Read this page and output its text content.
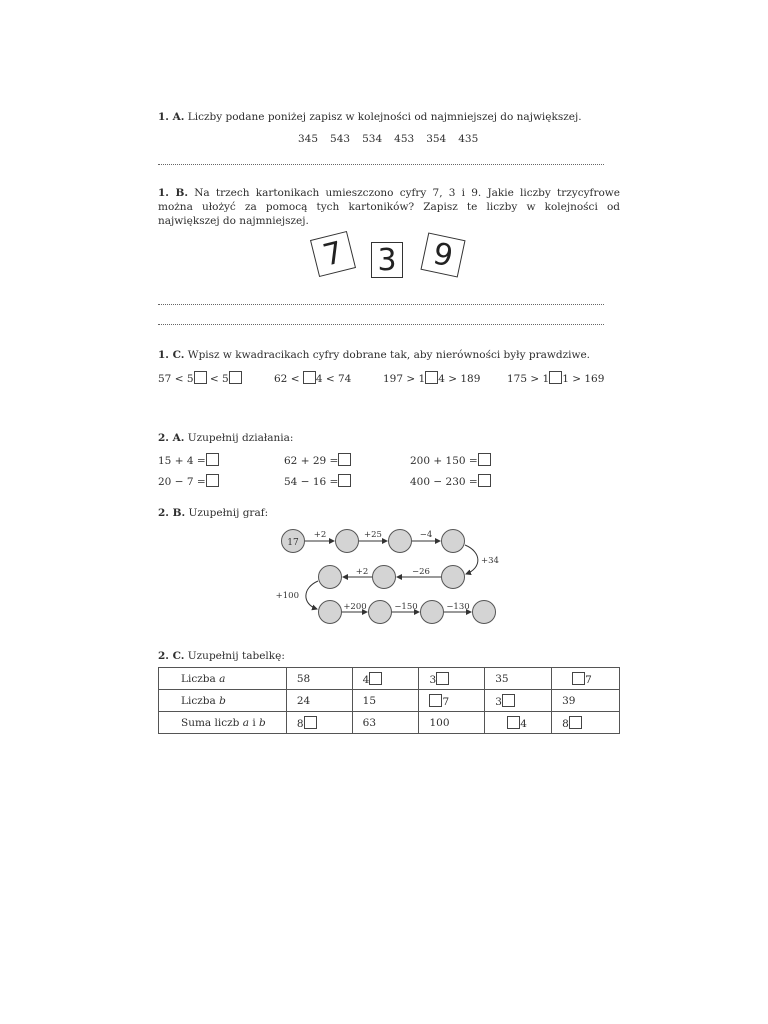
1. A. Liczby podane poniżej zapisz w kolejności od najmniejszej do największej.
345 543 534 453 354 435
1. B. Na trzech kartonikach umieszczono cyfry 7, 3 i 9. Jakie liczby trzycyfrowe można ułożyć za pomocą tych kartoników? Zapisz te liczby w kolejności od największej do najmniejszej.
7 3 9
1. C. Wpisz w kwadracikach cyfry dobrane tak, aby nierówności były prawdziwe.
57 < 5 < 5	62 < 4 < 74	197 > 1 4 > 189	175 > 1 1 > 169
2. A. Uzupełnij działania:
15 + 4 =	62 + 29 =	200 + 150 =
20 − 7 =	54 − 16 =	400 − 230 =
2. B. Uzupełnij graf:
17
+2	+25	−4
+34
+2	−26
+100
+200	−150	−130
2. C. Uzupełnij tabelkę:
Liczba a	58	4	3	35	7
Liczba b	24	15	7	3	39
Suma liczb a i b	8	63	100	4	8
